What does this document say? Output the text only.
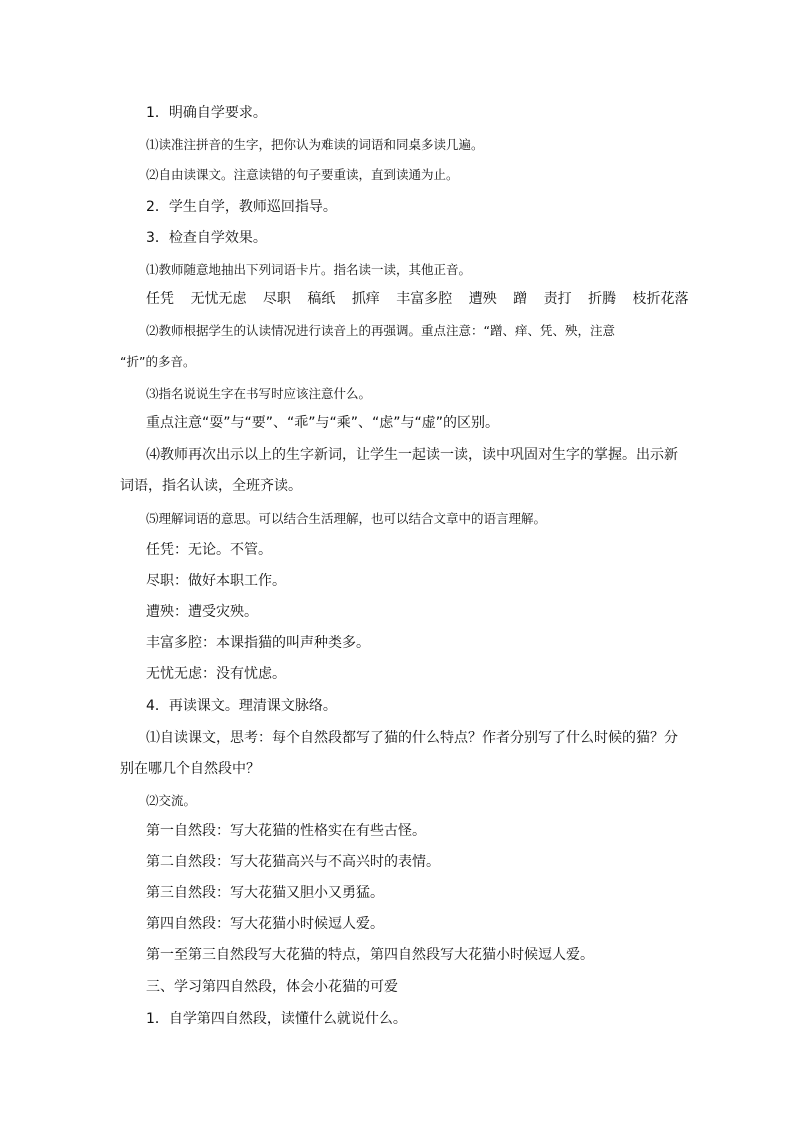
1．明确自学要求。
⑴读准注拼音的生字，把你认为难读的词语和同桌多读几遍。
⑵自由读课文。注意读错的句子要重读，直到读通为止。
2．学生自学，教师巡回指导。
3．检查自学效果。
⑴教师随意地抽出下列词语卡片。指名读一读，其他正音。
任凭 无忧无虑 尽职 稿纸 抓痒 丰富多腔 遭殃 蹭 责打 折腾 枝折花落
⑵教师根据学生的认读情况进行读音上的再强调。重点注意：“蹭、痒、凭、殃，注意
“折”的多音。
⑶指名说说生字在书写时应该注意什么。
重点注意“耍”与“要”、“乖”与“乘”、“虑”与“虚”的区别。
⑷教师再次出示以上的生字新词，让学生一起读一读，读中巩固对生字的掌握。出示新
词语，指名认读，全班齐读。
⑸理解词语的意思。可以结合生活理解，也可以结合文章中的语言理解。
任凭：无论。不管。
尽职：做好本职工作。
遭殃：遭受灾殃。
丰富多腔：本课指猫的叫声种类多。
无忧无虑：没有忧虑。
4．再读课文。理清课文脉络。
⑴自读课文，思考：每个自然段都写了猫的什么特点？作者分别写了什么时候的猫？分
别在哪几个自然段中？
⑵交流。
第一自然段：写大花猫的性格实在有些古怪。
第二自然段：写大花猫高兴与不高兴时的表情。
第三自然段：写大花猫又胆小又勇猛。
第四自然段：写大花猫小时候逗人爱。
第一至第三自然段写大花猫的特点，第四自然段写大花猫小时候逗人爱。
三、学习第四自然段，体会小花猫的可爱
1．自学第四自然段，读懂什么就说什么。
